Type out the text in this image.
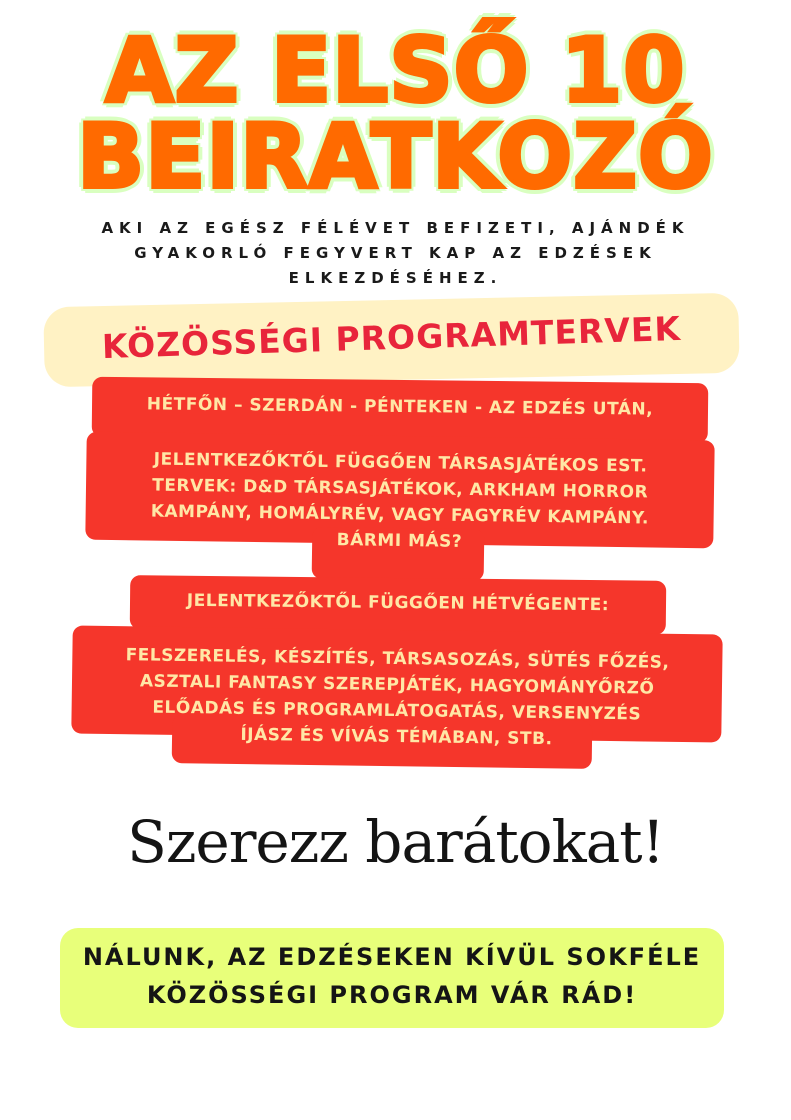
AZ ELSŐ 10
BEIRATKOZÓ
AKI AZ EGÉSZ FÉLÉVET BEFIZETI, AJÁNDÉK
GYAKORLÓ FEGYVERT KAP AZ EDZÉSEK
ELKEZDÉSÉHEZ.
KÖZÖSSÉGI PROGRAMTERVEK
HÉTFŐN – SZERDÁN - PÉNTEKEN - AZ EDZÉS UTÁN,
JELENTKEZŐKTŐL FÜGGŐEN TÁRSASJÁTÉKOS EST.
TERVEK: D&D TÁRSASJÁTÉKOK, ARKHAM HORROR
KAMPÁNY, HOMÁLYRÉV, VAGY FAGYRÉV KAMPÁNY.
BÁRMI MÁS?
JELENTKEZŐKTŐL FÜGGŐEN HÉTVÉGENTE:
FELSZERELÉS, KÉSZÍTÉS, TÁRSASOZÁS, SÜTÉS FŐZÉS,
ASZTALI FANTASY SZEREPJÁTÉK, HAGYOMÁNYŐRZŐ
ELŐADÁS ÉS PROGRAMLÁTOGATÁS, VERSENYZÉS
ÍJÁSZ ÉS VÍVÁS TÉMÁBAN, STB.
Szerezz barátokat!
NÁLUNK, AZ EDZÉSEKEN KÍVÜL SOKFÉLE
KÖZÖSSÉGI PROGRAM VÁR RÁD!
